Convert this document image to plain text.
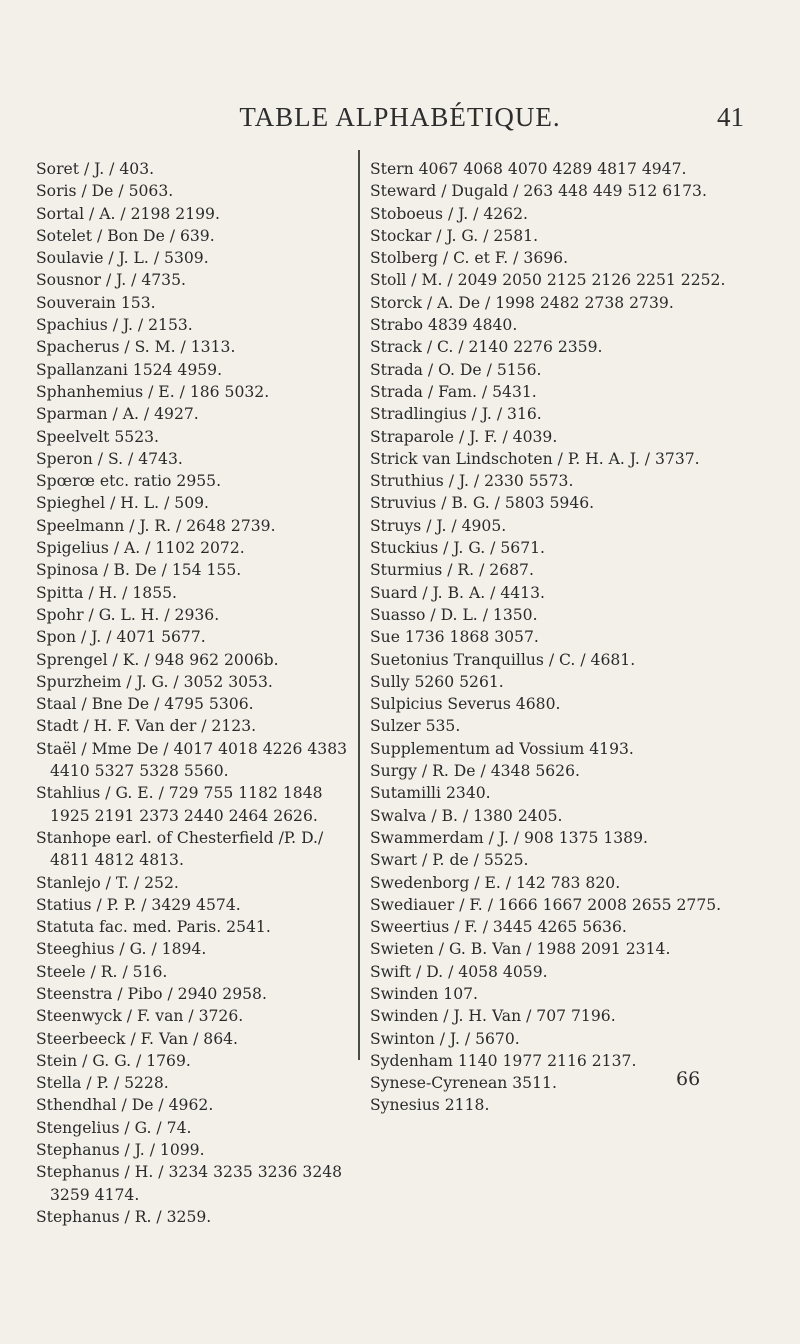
TABLE ALPHABÉTIQUE.	41
Soret / J. / 403.
Soris / De / 5063.
Sortal / A. / 2198 2199.
Sotelet / Bon De / 639.
Soulavie / J. L. / 5309.
Sousnor / J. / 4735.
Souverain 153.
Spachius / J. / 2153.
Spacherus / S. M. / 1313.
Spallanzani 1524 4959.
Sphanhemius / E. / 186 5032.
Sparman / A. / 4927.
Speelvelt 5523.
Speron / S. / 4743.
Spœrœ etc. ratio 2955.
Spieghel / H. L. / 509.
Speelmann / J. R. / 2648 2739.
Spigelius / A. / 1102 2072.
Spinosa / B. De / 154 155.
Spitta / H. / 1855.
Spohr / G. L. H. / 2936.
Spon / J. / 4071 5677.
Sprengel / K. / 948 962 2006b.
Spurzheim / J. G. / 3052 3053.
Staal / Bne De / 4795 5306.
Stadt / H. F. Van der / 2123.
Staël / Mme De / 4017 4018 4226 4383 4410 5327 5328 5560.
Stahlius / G. E. / 729 755 1182 1848 1925 2191 2373 2440 2464 2626.
Stanhope earl. of Chesterfield /P. D./ 4811 4812 4813.
Stanlejo / T. / 252.
Statius / P. P. / 3429 4574.
Statuta fac. med. Paris. 2541.
Steeghius / G. / 1894.
Steele / R. / 516.
Steenstra / Pibo / 2940 2958.
Steenwyck / F. van / 3726.
Steerbeeck / F. Van / 864.
Stein / G. G. / 1769.
Stella / P. / 5228.
Sthendhal / De / 4962.
Stengelius / G. / 74.
Stephanus / J. / 1099.
Stephanus / H. / 3234 3235 3236 3248 3259 4174.
Stephanus / R. / 3259.
Stern 4067 4068 4070 4289 4817 4947.
Steward / Dugald / 263 448 449 512 6173.
Stoboeus / J. / 4262.
Stockar / J. G. / 2581.
Stolberg / C. et F. / 3696.
Stoll / M. / 2049 2050 2125 2126 2251 2252.
Storck / A. De / 1998 2482 2738 2739.
Strabo 4839 4840.
Strack / C. / 2140 2276 2359.
Strada / O. De / 5156.
Strada / Fam. / 5431.
Stradlingius / J. / 316.
Straparole / J. F. / 4039.
Strick van Lindschoten / P. H. A. J. / 3737.
Struthius / J. / 2330 5573.
Struvius / B. G. / 5803 5946.
Struys / J. / 4905.
Stuckius / J. G. / 5671.
Sturmius / R. / 2687.
Suard / J. B. A. / 4413.
Suasso / D. L. / 1350.
Sue 1736 1868 3057.
Suetonius Tranquillus / C. / 4681.
Sully 5260 5261.
Sulpicius Severus 4680.
Sulzer 535.
Supplementum ad Vossium 4193.
Surgy / R. De / 4348 5626.
Sutamilli 2340.
Swalva / B. / 1380 2405.
Swammerdam / J. / 908 1375 1389.
Swart / P. de / 5525.
Swedenborg / E. / 142 783 820.
Swediauer / F. / 1666 1667 2008 2655 2775.
Sweertius / F. / 3445 4265 5636.
Swieten / G. B. Van / 1988 2091 2314.
Swift / D. / 4058 4059.
Swinden 107.
Swinden / J. H. Van / 707 7196.
Swinton / J. / 5670.
Sydenham 1140 1977 2116 2137.
Synese-Cyrenean 3511.
Synesius 2118.
66
